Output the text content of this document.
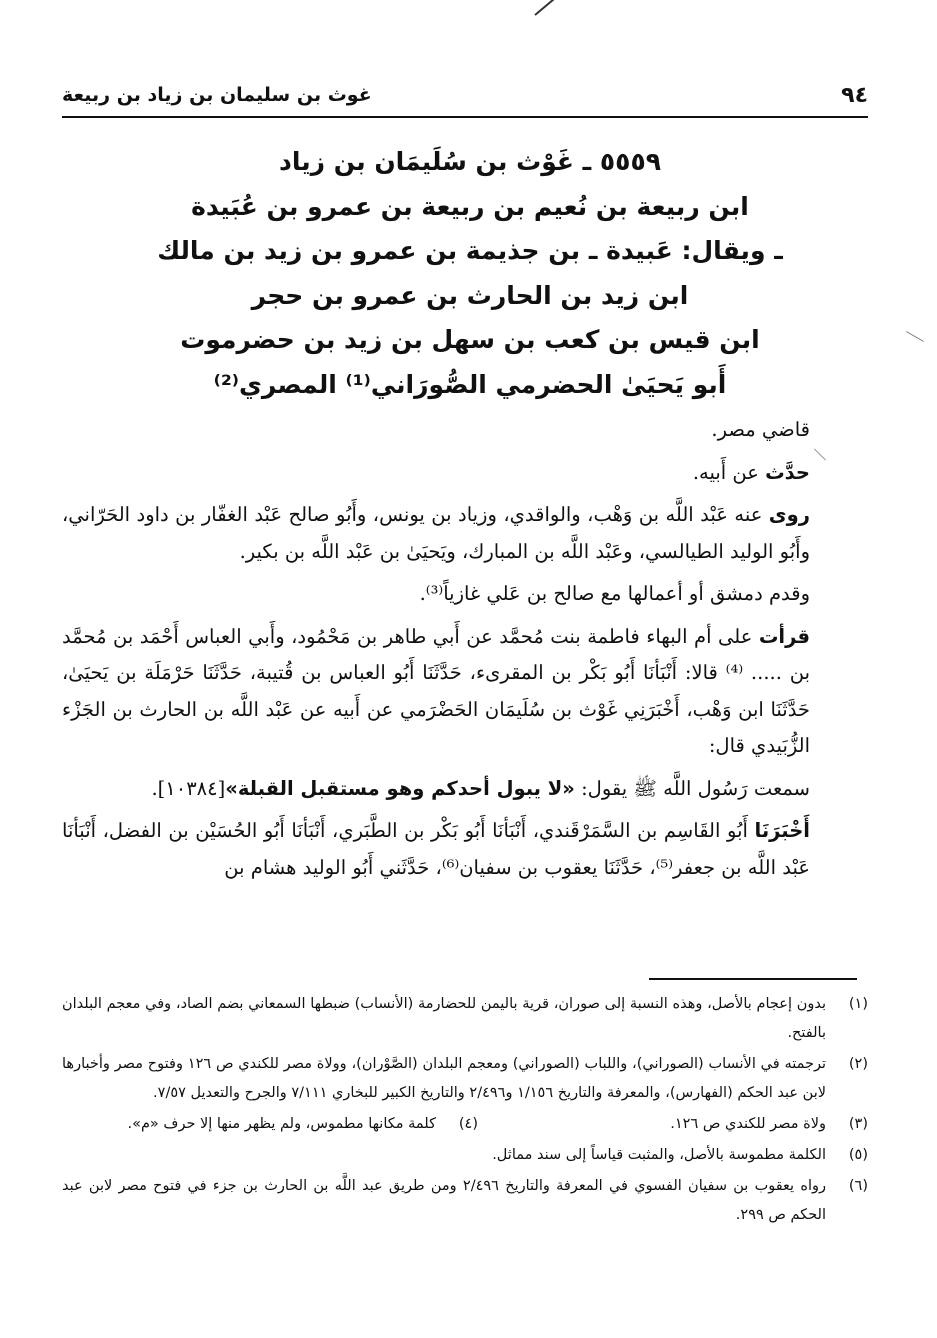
٩٤
غوث بن سليمان بن زياد بن ربيعة
٥٥٥٩ ـ غَوْث بن سُلَيمَان بن زياد
ابن ربيعة بن نُعيم بن ربيعة بن عمرو بن عُبَيدة
ـ ويقال: عَبيدة ـ بن جذيمة بن عمرو بن زيد بن مالك
ابن زيد بن الحارث بن عمرو بن حجر
ابن قيس بن كعب بن سهل بن زيد بن حضرموت
أَبو يَحيَىٰ الحضرمي الصُّورَاني⁽¹⁾ المصري⁽²⁾

قاضي مصر.

حدَّث عن أَبيه.

روى عنه عَبْد اللَّه بن وَهْب، والواقدي، وزياد بن يونس، وأَبُو صالح عَبْد الغفّار بن داود الحَرّاني، وأَبُو الوليد الطيالسي، وعَبْد اللَّه بن المبارك، ويَحيَىٰ بن عَبْد اللَّه بن بكير.

وقدم دمشق أو أعمالها مع صالح بن عَلي غازياً⁽³⁾.

قرأت على أم البهاء فاطمة بنت مُحمَّد عن أَبي طاهر بن مَحْمُود، وأَبي العباس أَحْمَد بن مُحمَّد بن ..... ⁽⁴⁾ قالا: أَنْبَأنَا أَبُو بَكْر بن المقرىء، حَدَّثَنَا أَبُو العباس بن قُتيبة، حَدَّثَنَا حَرْمَلَة بن يَحيَىٰ، حَدَّثَنَا ابن وَهْب، أَخْبَرَنِي غَوْث بن سُلَيمَان الحَضْرَمي عن أَبيه عن عَبْد اللَّه بن الحارث بن الجَزْء الزُّبَيدي قال:

سمعت رَسُول اللَّه ﷺ يقول: «لا يبول أحدكم وهو مستقبل القبلة»[١٠٣٨٤].

أَخْبَرَنَا أَبُو القَاسِم بن السَّمَرْقَندي، أَنْبَأنَا أَبُو بَكْر بن الطَّبَري، أَنْبَأنَا أَبُو الحُسَيْن بن الفضل، أَنْبَأنَا عَبْد اللَّه بن جعفر⁽⁵⁾، حَدَّثَنَا يعقوب بن سفيان⁽⁶⁾، حَدَّثَني أَبُو الوليد هشام بن

(١)
بدون إعجام بالأصل، وهذه النسبة إلى صوران، قرية باليمن للحضارمة (الأنساب) ضبطها السمعاني بضم الصاد، وفي معجم البلدان بالفتح.
(٢)
ترجمته في الأنساب (الصوراني)، واللباب (الصوراني) ومعجم البلدان (الصَّوْران)، وولاة مصر للكندي ص ١٢٦ وفتوح مصر وأخبارها لابن عبد الحكم (الفهارس)، والمعرفة والتاريخ ١/١٥٦ و٢/٤٩٦ والتاريخ الكبير للبخاري ٧/١١١ والجرح والتعديل ٧/٥٧.
(٣)
ولاة مصر للكندي ص ١٢٦.
(٤)
كلمة مكانها مطموس، ولم يظهر منها إلا حرف «م».
(٥)
الكلمة مطموسة بالأصل، والمثبت قياساً إلى سند مماثل.
(٦)
رواه يعقوب بن سفيان الفسوي في المعرفة والتاريخ ٢/٤٩٦ ومن طريق عبد اللَّه بن الحارث بن جزء في فتوح مصر لابن عبد الحكم ص ٢٩٩.
